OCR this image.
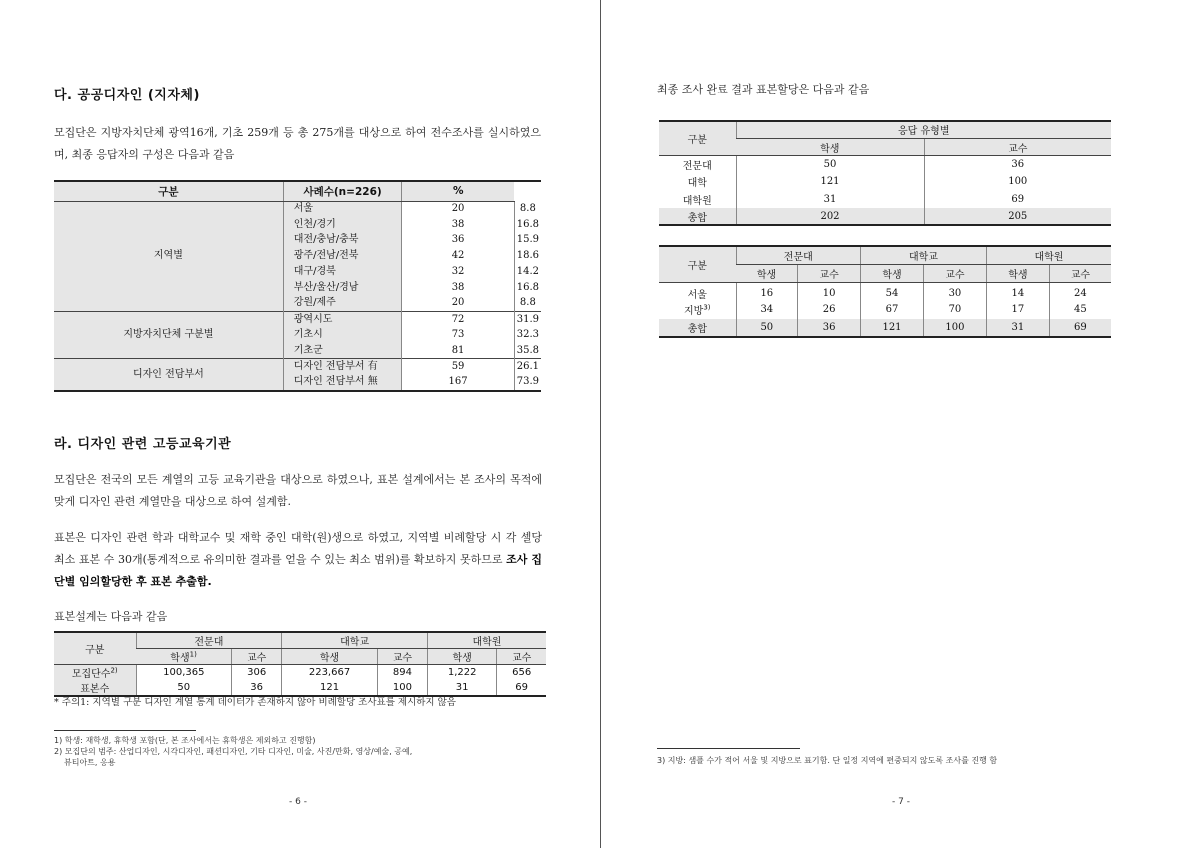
다. 공공디자인 (지자체)
모집단은 지방자치단체 광역16개, 기초 259개 등 총 275개를 대상으로 하여 전수조사를 실시하였으며, 최종 응답자의 구성은 다음과 같음
구분	사례수(n=226)	%	
지역별	서울	20	8.8
	인천/경기	38	16.8
	대전/충남/충북	36	15.9
	광주/전남/전북	42	18.6
	대구/경북	32	14.2
	부산/울산/경남	38	16.8
	강원/제주	20	8.8
지방자치단체 구분별	광역시도	72	31.9
	기초시	73	32.3
	기초군	81	35.8
디자인 전담부서	디자인 전담부서 有	59	26.1
	디자인 전담부서 無	167	73.9
라. 디자인 관련 고등교육기관
모집단은 전국의 모든 계열의 고등 교육기관을 대상으로 하였으나, 표본 설계에서는 본 조사의 목적에 맞게 디자인 관련 계열만을 대상으로 하여 설계함.
표본은 디자인 관련 학과 대학교수 및 재학 중인 대학(원)생으로 하였고, 지역별 비례할당 시 각 셀당 최소 표본 수 30개(통계적으로 유의미한 결과를 얻을 수 있는 최소 범위)를 확보하지 못하므로 조사 집단별 임의할당한 후 표본 추출함.
표본설계는 다음과 같음
구분	전문대		대학교		대학원	
	학생$^{1)}$	교수	학생	교수	학생	교수
모집단수$^{2)}$	100,365	306	223,667	894	1,222	656
표본수	50	36	121	100	31	69
* 주의1: 지역별 구분 디자인 계열 통계 데이터가 존재하지 않아 비례할당 조사표를 제시하지 않음
1) 학생: 재학생, 휴학생 포함(단, 본 조사에서는 휴학생은 제외하고 진행함)
2) 모집단의 범주: 산업디자인, 시각디자인, 패션디자인, 기타 디자인, 미술, 사진/만화, 영상/예술, 공예,
뷰티아트, 응용
- 6 -
최종 조사 완료 결과 표본할당은 다음과 같음
구분	응답 유형별	
	학생	교수
전문대	50	36
대학	121	100
대학원	31	69
총합	202	205
구분	전문대		대학교		대학원	
	학생	교수	학생	교수	학생	교수
서울	16	10	54	30	14	24
지방$^{3)}$	34	26	67	70	17	45
총합	50	36	121	100	31	69
3) 지방: 샘플 수가 적어 서울 및 지방으로 표기함. 단 일정 지역에 편중되지 않도록 조사를 진행 함
- 7 -
